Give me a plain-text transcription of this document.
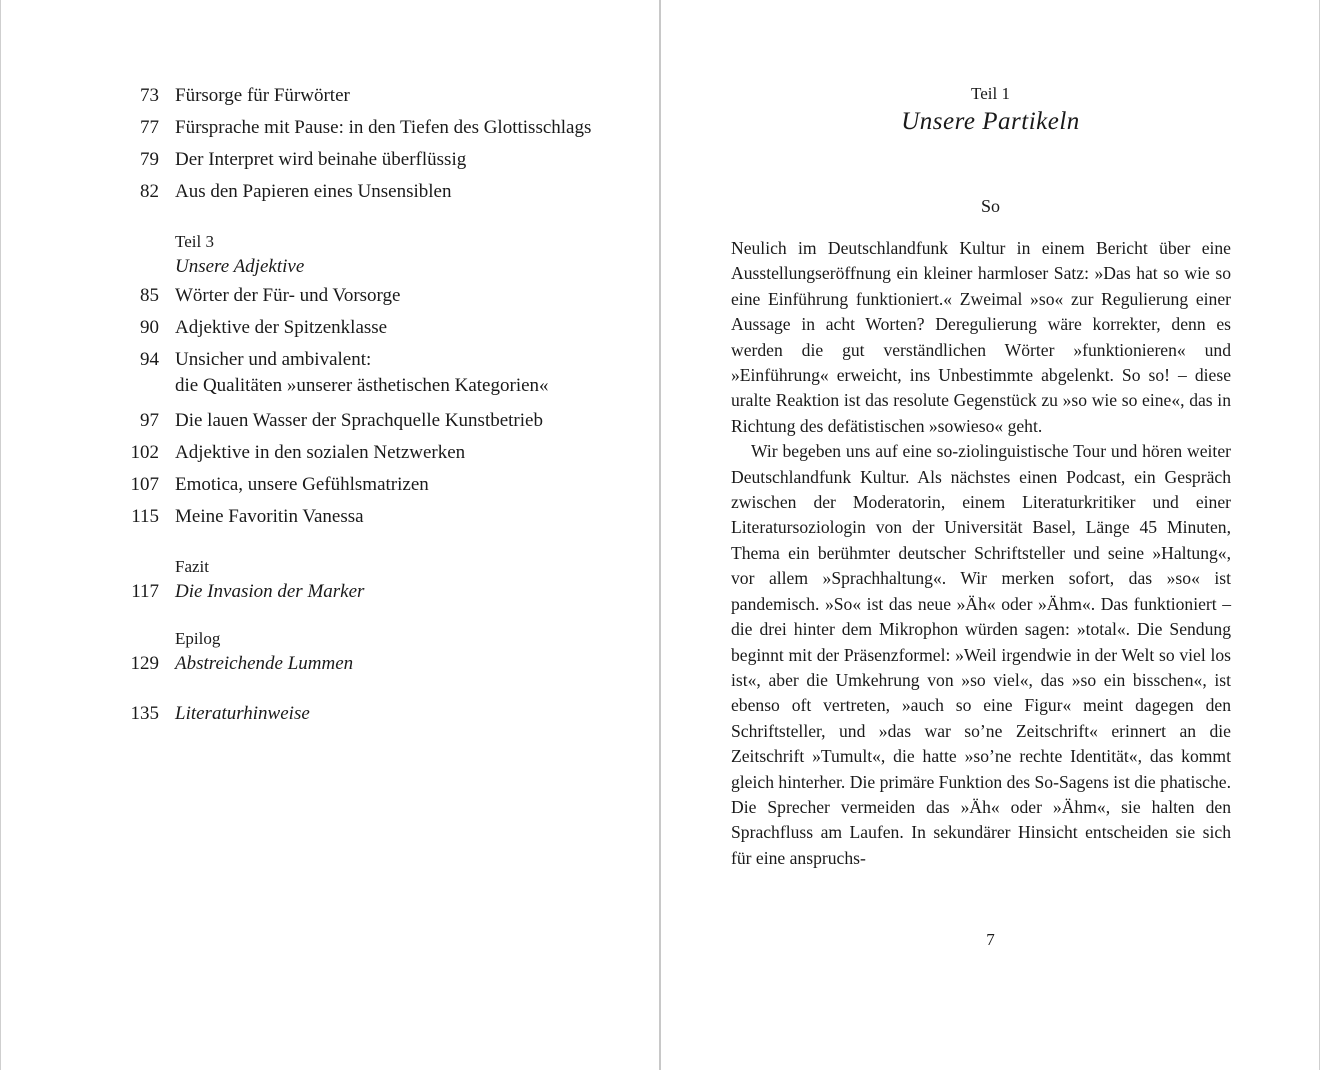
73 Fürsorge für Fürwörter
77 Fürsprache mit Pause: in den Tiefen des Glottisschlags
79 Der Interpret wird beinahe überflüssig
82 Aus den Papieren eines Unsensiblen
Teil 3
Unsere Adjektive
85 Wörter der Für- und Vorsorge
90 Adjektive der Spitzenklasse
94 Unsicher und ambivalent:
die Qualitäten »unserer ästhetischen Kategorien«
97 Die lauen Wasser der Sprachquelle Kunstbetrieb
102 Adjektive in den sozialen Netzwerken
107 Emotica, unsere Gefühlsmatrizen
115 Meine Favoritin Vanessa
Fazit
117 Die Invasion der Marker
Epilog
129 Abstreichende Lummen
135 Literaturhinweise
Teil 1
Unsere Partikeln
So

Neulich im Deutschlandfunk Kultur in einem Bericht über eine Ausstellungseröffnung ein kleiner harmloser Satz: »Das hat so wie so eine Einführung funktioniert.« Zweimal »so« zur Regulierung einer Aussage in acht Worten? Deregulierung wäre korrekter, denn es werden die gut verständlichen Wörter »funktionieren« und »Einführung« erweicht, ins Unbestimmte abgelenkt. So so! – diese uralte Reaktion ist das resolute Gegenstück zu »so wie so eine«, das in Richtung des defätistischen »sowieso« geht.

Wir begeben uns auf eine so-ziolinguistische Tour und hören weiter Deutschlandfunk Kultur. Als nächstes einen Podcast, ein Gespräch zwischen der Moderatorin, einem Literaturkritiker und einer Literatursoziologin von der Universität Basel, Länge 45 Minuten, Thema ein berühmter deutscher Schriftsteller und seine »Haltung«, vor allem »Sprachhaltung«. Wir merken sofort, das »so« ist pandemisch. »So« ist das neue »Äh« oder »Ähm«. Das funktioniert – die drei hinter dem Mikrophon würden sagen: »total«. Die Sendung beginnt mit der Präsenzformel: »Weil irgendwie in der Welt so viel los ist«, aber die Umkehrung von »so viel«, das »so ein bisschen«, ist ebenso oft vertreten, »auch so eine Figur« meint dagegen den Schriftsteller, und »das war so’ne Zeitschrift« erinnert an die Zeitschrift »Tumult«, die hatte »so’ne rechte Identität«, das kommt gleich hinterher. Die primäre Funktion des So-Sagens ist die phatische. Die Sprecher vermeiden das »Äh« oder »Ähm«, sie halten den Sprachfluss am Laufen. In sekundärer Hinsicht entscheiden sie sich für eine anspruchs-

7
